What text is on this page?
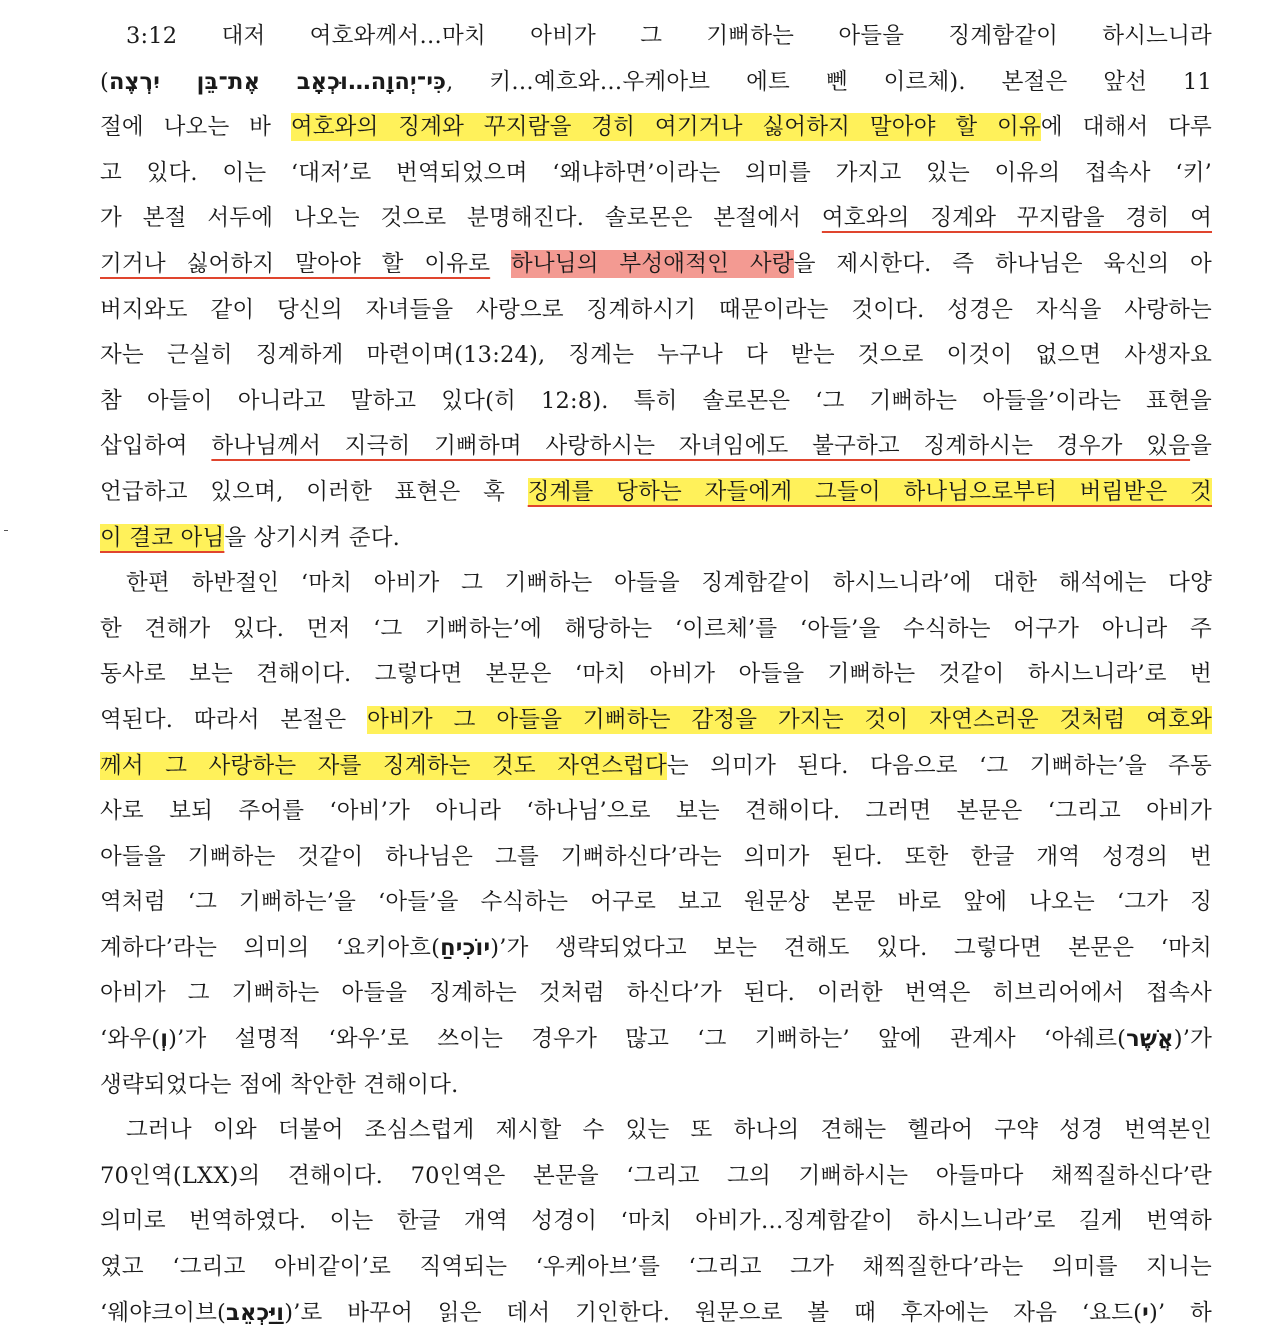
3:12 대저 여호와께서…마치 아비가 그 기뻐하는 아들을 징계함같이 하시느니라

(כִּי־יְהוָה…וּכְאָב אֶת־בֵּן יִרְצֶה, 키…예흐와…우케아브 에트 뻰 이르체). 본절은 앞선 11

절에 나오는 바 여호와의 징계와 꾸지람을 경히 여기거나 싫어하지 말아야 할 이유에 대해서 다루

고 있다. 이는 ‘대저’로 번역되었으며 ‘왜냐하면’이라는 의미를 가지고 있는 이유의 접속사 ‘키’

가 본절 서두에 나오는 것으로 분명해진다. 솔로몬은 본절에서 여호와의 징계와 꾸지람을 경히 여

기거나 싫어하지 말아야 할 이유로 하나님의 부성애적인 사랑을 제시한다. 즉 하나님은 육신의 아

버지와도 같이 당신의 자녀들을 사랑으로 징계하시기 때문이라는 것이다. 성경은 자식을 사랑하는

자는 근실히 징계하게 마련이며(13:24), 징계는 누구나 다 받는 것으로 이것이 없으면 사생자요

참 아들이 아니라고 말하고 있다(히 12:8). 특히 솔로몬은 ‘그 기뻐하는 아들을’이라는 표현을

삽입하여 하나님께서 지극히 기뻐하며 사랑하시는 자녀임에도 불구하고 징계하시는 경우가 있음을

언급하고 있으며, 이러한 표현은 혹 징계를 당하는 자들에게 그들이 하나님으로부터 버림받은 것

이 결코 아님을 상기시켜 준다.

한편 하반절인 ‘마치 아비가 그 기뻐하는 아들을 징계함같이 하시느니라’에 대한 해석에는 다양

한 견해가 있다. 먼저 ‘그 기뻐하는’에 해당하는 ‘이르체’를 ‘아들’을 수식하는 어구가 아니라 주

동사로 보는 견해이다. 그렇다면 본문은 ‘마치 아비가 아들을 기뻐하는 것같이 하시느니라’로 번

역된다. 따라서 본절은 아비가 그 아들을 기뻐하는 감정을 가지는 것이 자연스러운 것처럼 여호와

께서 그 사랑하는 자를 징계하는 것도 자연스럽다는 의미가 된다. 다음으로 ‘그 기뻐하는’을 주동

사로 보되 주어를 ‘아비’가 아니라 ‘하나님’으로 보는 견해이다. 그러면 본문은 ‘그리고 아비가

아들을 기뻐하는 것같이 하나님은 그를 기뻐하신다’라는 의미가 된다. 또한 한글 개역 성경의 번

역처럼 ‘그 기뻐하는’을 ‘아들’을 수식하는 어구로 보고 원문상 본문 바로 앞에 나오는 ‘그가 징

계하다’라는 의미의 ‘요키아흐(יוֹכִיחַ)’가 생략되었다고 보는 견해도 있다. 그렇다면 본문은 ‘마치

아비가 그 기뻐하는 아들을 징계하는 것처럼 하신다’가 된다. 이러한 번역은 히브리어에서 접속사

‘와우(וְ)’가 설명적 ‘와우’로 쓰이는 경우가 많고 ‘그 기뻐하는’ 앞에 관계사 ‘아쉐르(אֲשֶׁר)’가

생략되었다는 점에 착안한 견해이다.

그러나 이와 더불어 조심스럽게 제시할 수 있는 또 하나의 견해는 헬라어 구약 성경 번역본인

70인역(LXX)의 견해이다. 70인역은 본문을 ‘그리고 그의 기뻐하시는 아들마다 채찍질하신다’란

의미로 번역하였다. 이는 한글 개역 성경이 ‘마치 아비가…징계함같이 하시느니라’로 길게 번역하

였고 ‘그리고 아비같이’로 직역되는 ‘우케아브’를 ‘그리고 그가 채찍질한다’라는 의미를 지니는

‘웨야크이브(וַיַּכְאֵב)’로 바꾸어 읽은 데서 기인한다. 원문으로 볼 때 후자에는 자음 ‘요드(י)’ 하
